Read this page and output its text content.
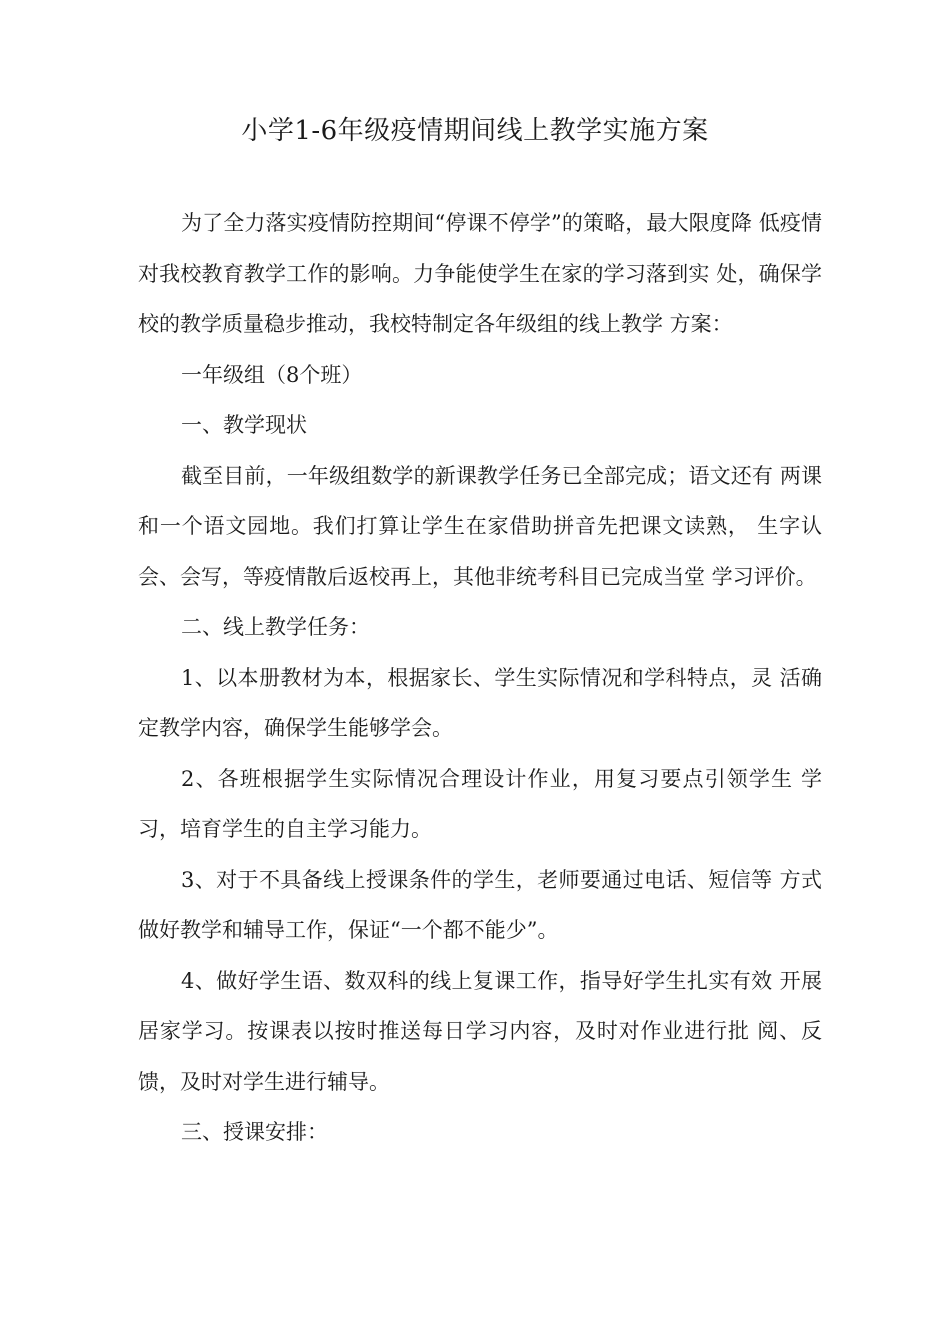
小学1-6年级疫情期间线上教学实施方案

为了全力落实疫情防控期间“停课不停学”的策略，最大限度降 低疫情对我校教育教学工作的影响。力争能使学生在家的学习落到实 处，确保学校的教学质量稳步推动，我校特制定各年级组的线上教学 方案：

一年级组（8个班）

一、教学现状

截至目前，一年级组数学的新课教学任务已全部完成；语文还有 两课和一个语文园地。我们打算让学生在家借助拼音先把课文读熟， 生字认会、会写，等疫情散后返校再上，其他非统考科目已完成当堂 学习评价。

二、线上教学任务：

1、以本册教材为本，根据家长、学生实际情况和学科特点，灵 活确定教学内容，确保学生能够学会。

2、各班根据学生实际情况合理设计作业，用复习要点引领学生 学习，培育学生的自主学习能力。

3、对于不具备线上授课条件的学生，老师要通过电话、短信等 方式做好教学和辅导工作，保证“一个都不能少”。

4、做好学生语、数双科的线上复课工作，指导好学生扎实有效 开展居家学习。按课表以按时推送每日学习内容，及时对作业进行批 阅、反馈，及时对学生进行辅导。

三、授课安排：
